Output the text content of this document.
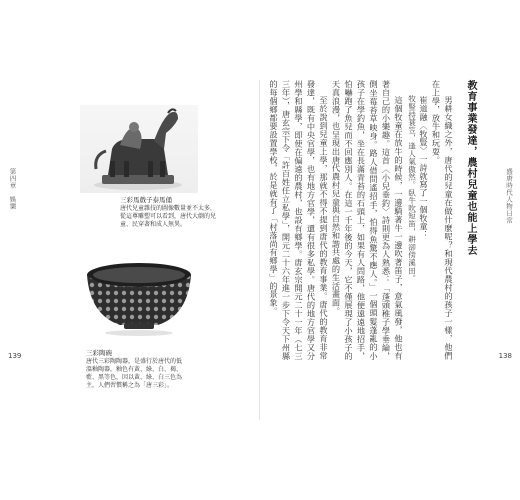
第四章　娛樂
139
三彩馬戲子泰馬俑
唐代兒童雜技的圖像數量並不太多，從這尊雕塑可以看到，唐代大劇的兒童、民穿著和成人無異。
三彩陶碗
唐代三彩陶陶器，是盛行於唐代的低溫釉陶器，釉色有黃、綠、白、褐、藍、黑等色，因以黃、綠、白三色為主，人們習慣稱之為「唐三彩」。
盛唐時代人物日常
138
教育事業發達，農村兒童也能上學去

男耕女織之外，唐代的兒童在做什麼呢？和現代農村的孩子一樣，他們在上學，放牛和玩耍。

崔道融〈牧豎〉一詩就寫了一個牧童：

牧豎持蓑笠，逢人氣傲然。臥牛吹短笛，耕卻傍溪田。

這個牧童在放牛的時候，一邊騎著牛一邊吹著笛子，意氣風發，他也有著自己的小樂趣。這首〈小兒垂釣〉詩則更為人熟悉：「蓬頭稚子學垂綸，側坐莓苔草映身。路人借問遙招手，怕得魚驚不應人。」一個頭髮蓬亂的小孩子在學釣魚，坐在長滿青苔的石頭上，如果有人問路，他便遠遠地招手，怕嚇跑了魚兒而不回應別人。在這一千年後的今天，它不僅展現了小孩子的天真浪漫，也呈現出唐代農村兒童與自然和諧共處的生活畫面。

至於說到兒童上學，那就不得不提到唐代的教育事業。唐代的教育非常發達，既有中央官學，也有地方官學，還有很多私學。唐代的地方官學又分州學和縣學，即使在偏遠的農村，也設有鄉學。唐玄宗開元二十一年（七三三年），唐玄宗下令「許百姓任立私學」，開元二十六年進一步下令天下州縣的每個鄉都要設置學校，於是就有了「村落尚有鄉學」的景象。
